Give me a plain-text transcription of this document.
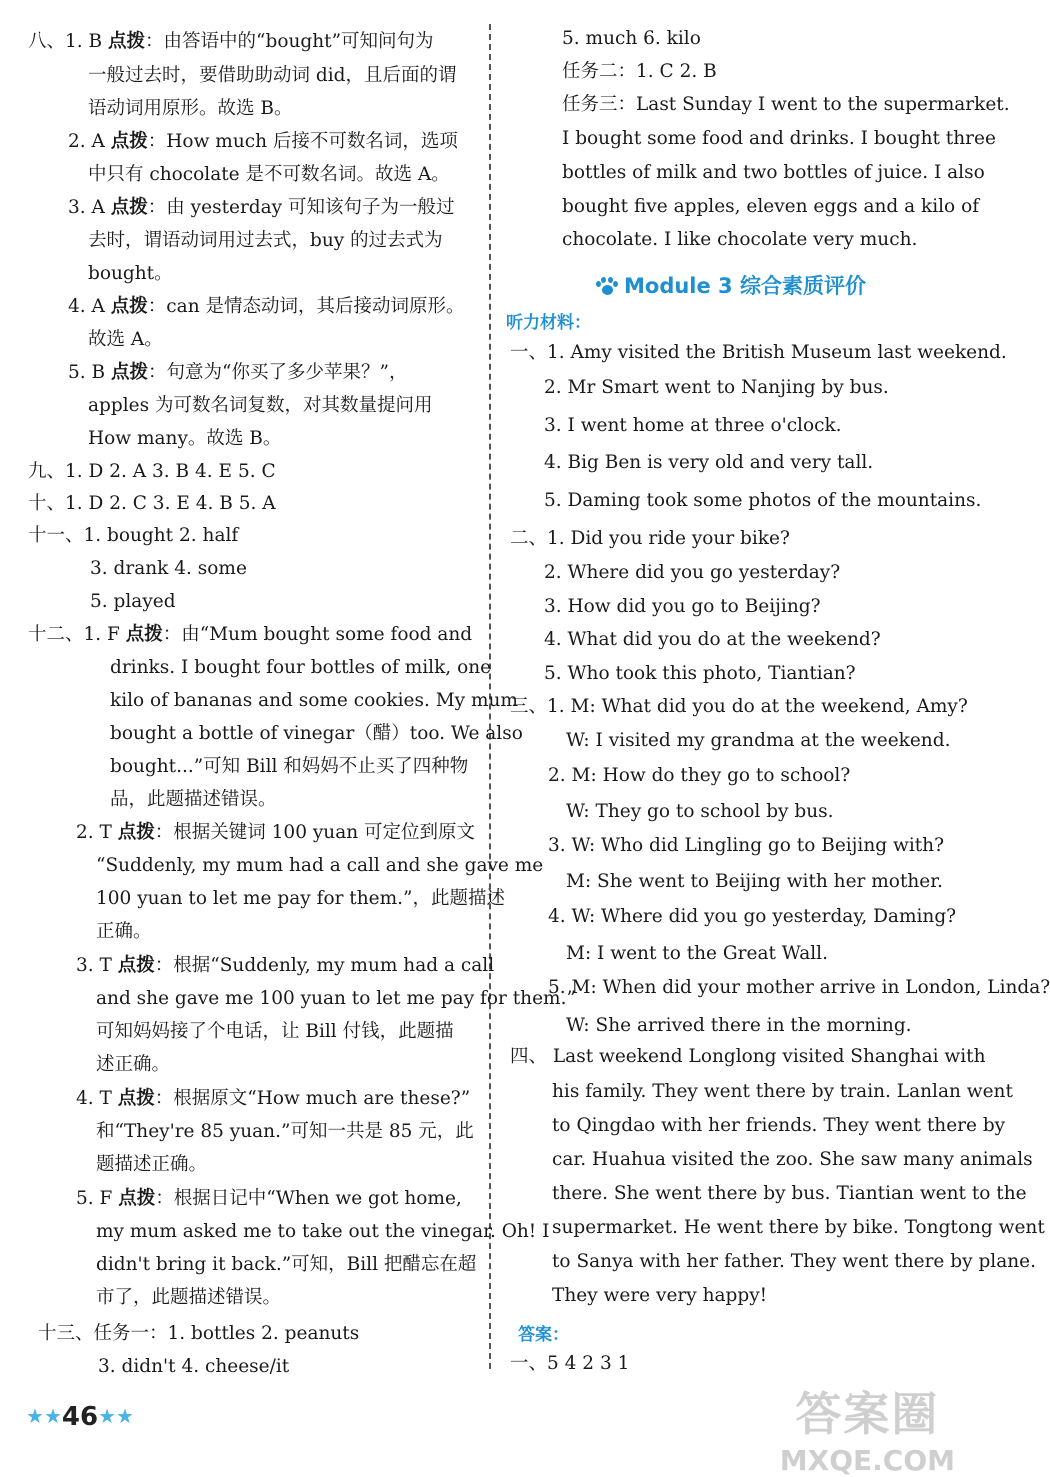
八、1. B 点拨：由答语中的“bought”可知问句为
一般过去时，要借助助动词 did，且后面的谓
语动词用原形。故选 B。
2. A 点拨：How much 后接不可数名词，选项
中只有 chocolate 是不可数名词。故选 A。
3. A 点拨：由 yesterday 可知该句子为一般过
去时，谓语动词用过去式，buy 的过去式为
bought。
4. A 点拨：can 是情态动词，其后接动词原形。
故选 A。
5. B 点拨：句意为“你买了多少苹果？”，
apples 为可数名词复数，对其数量提问用
How many。故选 B。
九、1. D 2. A 3. B 4. E 5. C
十、1. D 2. C 3. E 4. B 5. A
十一、1. bought 2. half
3. drank 4. some
5. played
十二、1. F 点拨：由“Mum bought some food and
drinks. I bought four bottles of milk, one
kilo of bananas and some cookies. My mum
bought a bottle of vinegar（醋）too. We also
bought...”可知 Bill 和妈妈不止买了四种物
品，此题描述错误。
2. T 点拨：根据关键词 100 yuan 可定位到原文
“Suddenly, my mum had a call and she gave me
100 yuan to let me pay for them.”，此题描述
正确。
3. T 点拨：根据“Suddenly, my mum had a call
and she gave me 100 yuan to let me pay for them.”
可知妈妈接了个电话，让 Bill 付钱，此题描
述正确。
4. T 点拨：根据原文“How much are these?”
和“They're 85 yuan.”可知一共是 85 元，此
题描述正确。
5. F 点拨：根据日记中“When we got home,
my mum asked me to take out the vinegar. Oh! I
didn't bring it back.”可知，Bill 把醋忘在超
市了，此题描述错误。
十三、任务一：1. bottles 2. peanuts
3. didn't 4. cheese/it
Module 3 综合素质评价
听力材料：
答案：
5. much 6. kilo
任务二：1. C 2. B
任务三：Last Sunday I went to the supermarket.
I bought some food and drinks. I bought three
bottles of milk and two bottles of juice. I also
bought five apples, eleven eggs and a kilo of
chocolate. I like chocolate very much.
一、1. Amy visited the British Museum last weekend.
2. Mr Smart went to Nanjing by bus.
3. I went home at three o'clock.
4. Big Ben is very old and very tall.
5. Daming took some photos of the mountains.
二、1. Did you ride your bike?
2. Where did you go yesterday?
3. How did you go to Beijing?
4. What did you do at the weekend?
5. Who took this photo, Tiantian?
三、1. M: What did you do at the weekend, Amy?
W: I visited my grandma at the weekend.
2. M: How do they go to school?
W: They go to school by bus.
3. W: Who did Lingling go to Beijing with?
M: She went to Beijing with her mother.
4. W: Where did you go yesterday, Daming?
M: I went to the Great Wall.
5. M: When did your mother arrive in London, Linda?
W: She arrived there in the morning.
四、 Last weekend Longlong visited Shanghai with
his family. They went there by train. Lanlan went
to Qingdao with her friends. They went there by
car. Huahua visited the zoo. She saw many animals
there. She went there by bus. Tiantian went to the
supermarket. He went there by bike. Tongtong went
to Sanya with her father. They went there by plane.
They were very happy!
一、5 4 2 3 1
★★46★★	答案圈
MXQE.COM
